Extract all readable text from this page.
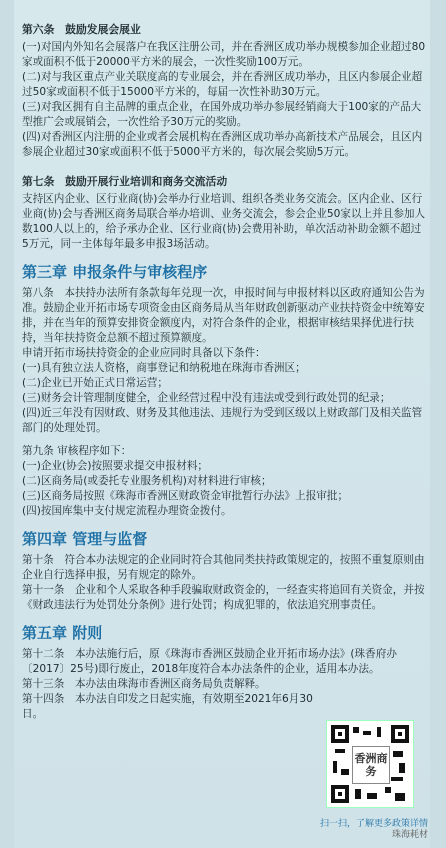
第六条　鼓励发展会展业

(一)对国内外知名会展落户在我区注册公司，并在香洲区成功举办规模参加企业超过80家或面积不低于20000平方米的展会，一次性奖励100万元。

(二)对与我区重点产业关联度高的专业展会，并在香洲区成功举办，且区内参展企业超过50家或面积不低于15000平方米的，每届一次性补助30万元。

(三)对我区拥有自主品牌的重点企业，在国外成功举办参展经销商大于100家的产品大型推广会或展销会，一次性给予30万元的奖励。

(四)对香洲区内注册的企业或者会展机构在香洲区成功举办高新技术产品展会，且区内参展企业超过30家或面积不低于5000平方米的，每次展会奖励5万元。

第七条　鼓励开展行业培训和商务交流活动

支持区内企业、区行业商(协)会举办行业培训、组织各类业务交流会。区内企业、区行业商(协)会与香洲区商务局联合举办培训、业务交流会，参会企业50家以上并且参加人数100人以上的，给予承办企业、区行业商(协)会费用补助，单次活动补助金额不超过5万元，同一主体每年最多申报3场活动。

第三章 申报条件与审核程序

第八条　本扶持办法所有条款每年兑现一次，申报时间与申报材料以区政府通知公告为准。鼓励企业开拓市场专项资金由区商务局从当年财政创新驱动产业扶持资金中统筹安排，并在当年的预算安排资金额度内，对符合条件的企业，根据审核结果择优进行扶持，当年扶持资金总额不超过预算额度。

申请开拓市场扶持资金的企业应同时具备以下条件：

(一)具有独立法人资格，商事登记和纳税地在珠海市香洲区；

(二)企业已开始正式日常运营；

(三)财务会计管理制度健全，企业经营过程中没有违法或受到行政处罚的纪录；

(四)近三年没有因财政、财务及其他违法、违规行为受到区级以上财政部门及相关监管部门的处理处罚。

第九条 审核程序如下：

(一)企业(协会)按照要求提交申报材料；

(二)区商务局(或委托专业服务机构)对材料进行审核；

(三)区商务局按照《珠海市香洲区财政资金审批暂行办法》上报审批；

(四)按国库集中支付规定流程办理资金拨付。

第四章 管理与监督

第十条　符合本办法规定的企业同时符合其他同类扶持政策规定的，按照不重复原则由企业自行选择申报，另有规定的除外。

第十一条　企业和个人采取各种手段骗取财政资金的，一经查实将追回有关资金，并按《财政违法行为处罚处分条例》进行处罚；构成犯罪的，依法追究刑事责任。

第五章 附则

第十二条　本办法施行后，原《珠海市香洲区鼓励企业开拓市场办法》(珠香府办〔2017〕25号)即行废止，2018年度符合本办法条件的企业，适用本办法。

第十三条　本办法由珠海市香洲区商务局负责解释。

第十四条　本办法自印发之日起实施，有效期至2021年6月30日。

香洲商务
扫一扫，了解更多政策详情
珠海耗材
